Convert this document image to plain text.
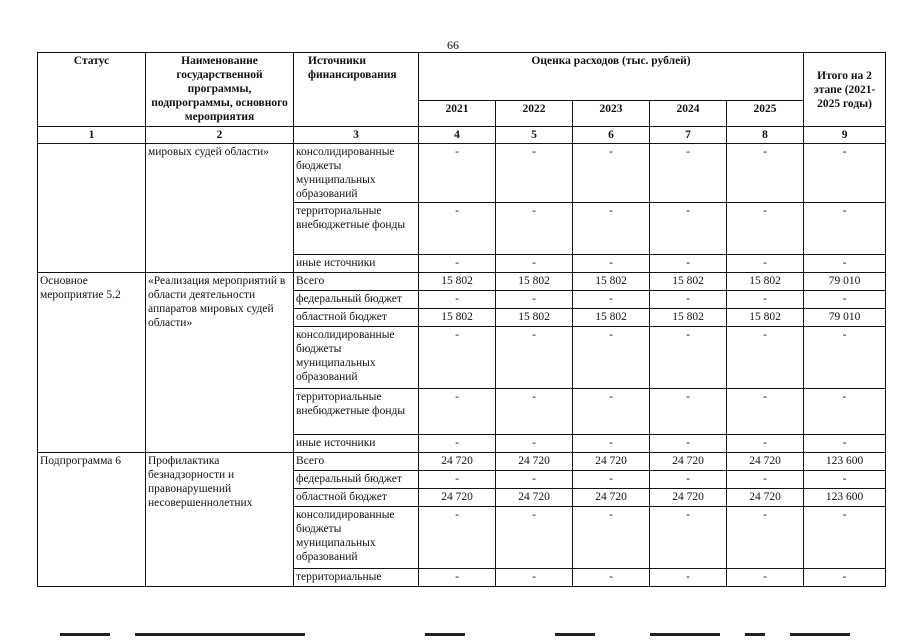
66
Статус	Наименование государственной программы, подпрограммы, основного мероприятия	Источники финансирования	Оценка расходов (тыс. рублей)					Итого на 2 этапе (2021-2025 годы)
			2021	2022	2023	2024	2025	
1	2	3	4	5	6	7	8	9
	мировых судей области»	консолидированные бюджеты муниципальных образований	-	-	-	-	-	-
		территориальные внебюджетные фонды	-	-	-	-	-	-
		иные источники	-	-	-	-	-	-
Основное мероприятие 5.2	«Реализация мероприятий в области деятельности аппаратов мировых судей области»	Всего	15 802	15 802	15 802	15 802	15 802	79 010
		федеральный бюджет	-	-	-	-	-	-
		областной бюджет	15 802	15 802	15 802	15 802	15 802	79 010
		консолидированные бюджеты муниципальных образований	-	-	-	-	-	-
		территориальные внебюджетные фонды	-	-	-	-	-	-
		иные источники	-	-	-	-	-	-
Подпрограмма 6	Профилактика безнадзорности и правонарушений несовершеннолетних	Всего	24 720	24 720	24 720	24 720	24 720	123 600
		федеральный бюджет	-	-	-	-	-	-
		областной бюджет	24 720	24 720	24 720	24 720	24 720	123 600
		консолидированные бюджеты муниципальных образований	-	-	-	-	-	-
		территориальные	-	-	-	-	-	-
